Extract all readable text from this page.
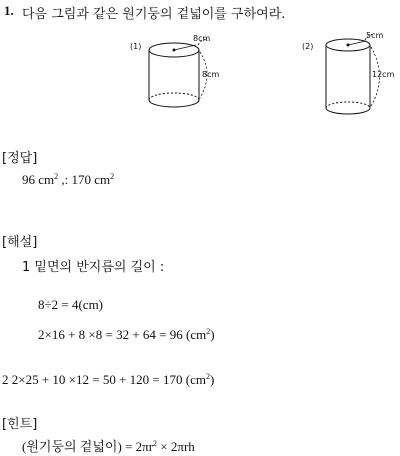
1. 다음 그림과 같은 원기둥의 겉넓이를 구하여라.
(1)
8cm
8cm
(2)
5cm
12cm
[정답]
96 $cm^2$ ,: 170 $cm^2$
[해설]
1 밑면의 반지름의 길이 :
8÷2 = 4(cm)
2×16 + 8 ×8 = 32 + 64 = 96 $(cm^2)$
2 2×25 + 10 ×12 = 50 + 120 = 170 $(cm^2)$
[힌트]
(원기둥의 겉넓이) = $2\pi r^2 \times 2\pi rh$
